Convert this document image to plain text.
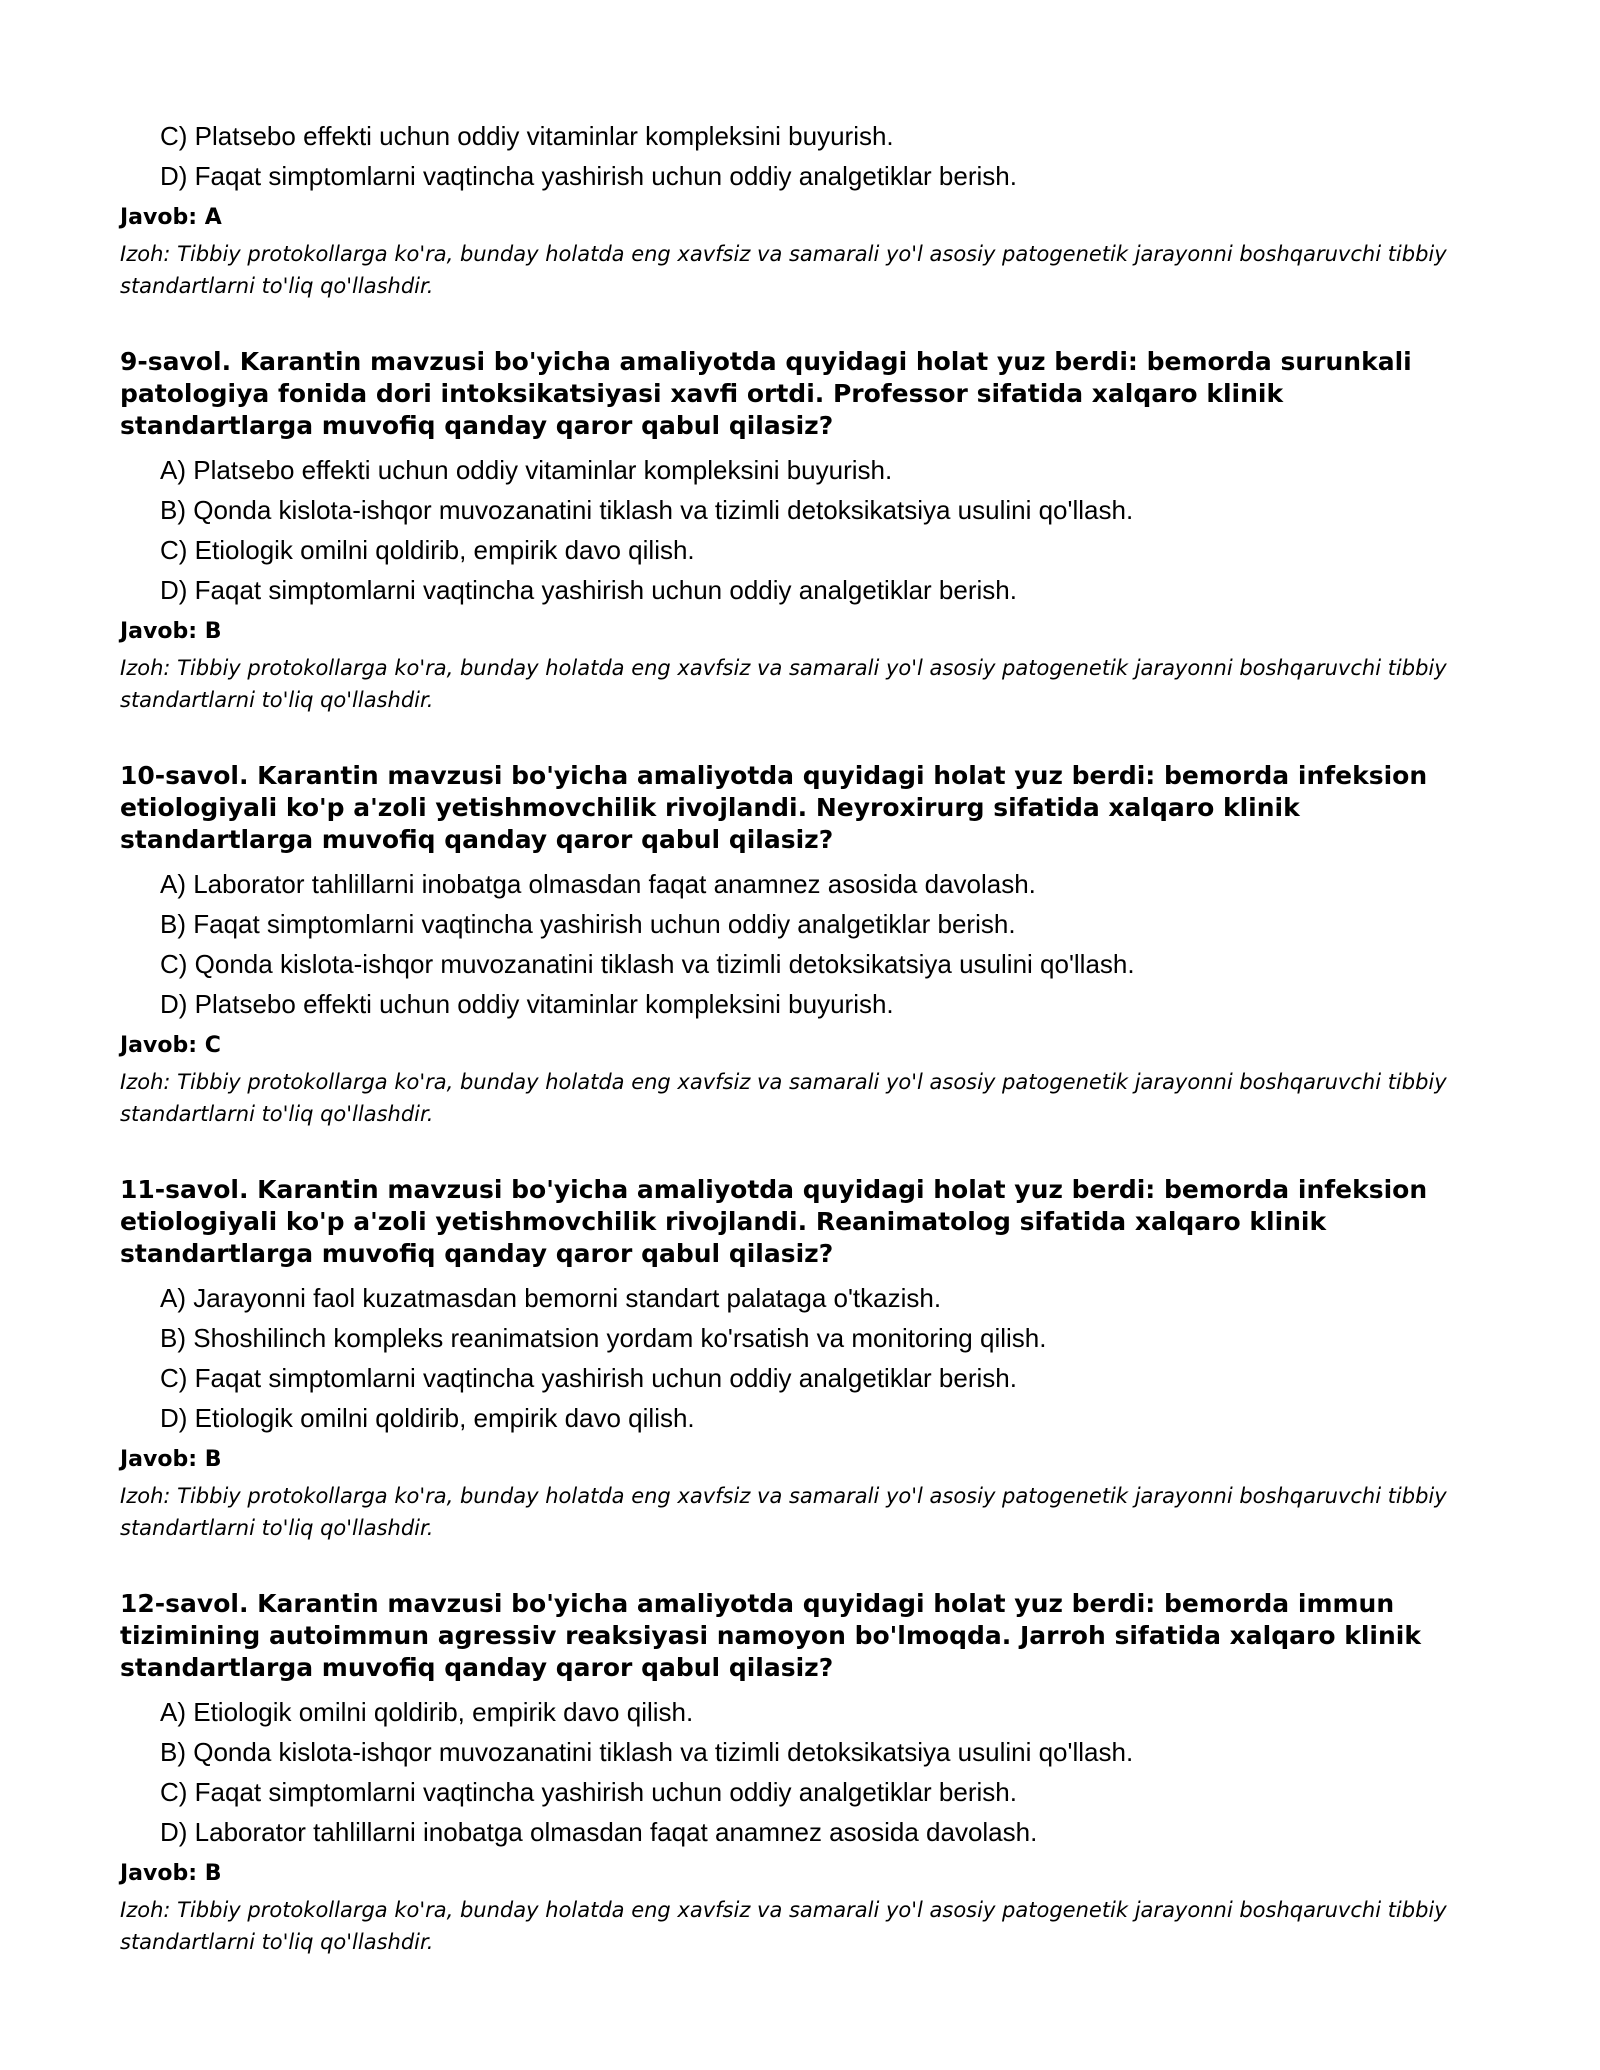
C) Platsebo effekti uchun oddiy vitaminlar kompleksini buyurish.
D) Faqat simptomlarni vaqtincha yashirish uchun oddiy analgetiklar berish.
Javob: A
Izoh: Tibbiy protokollarga ko'ra, bunday holatda eng xavfsiz va samarali yo'l asosiy patogenetik jarayonni boshqaruvchi tibbiy standartlarni to'liq qo'llashdir.
9-savol. Karantin mavzusi bo'yicha amaliyotda quyidagi holat yuz berdi: bemorda surunkali patologiya fonida dori intoksikatsiyasi xavfi ortdi. Professor sifatida xalqaro klinik standartlarga muvofiq qanday qaror qabul qilasiz?
A) Platsebo effekti uchun oddiy vitaminlar kompleksini buyurish.
B) Qonda kislota-ishqor muvozanatini tiklash va tizimli detoksikatsiya usulini qo'llash.
C) Etiologik omilni qoldirib, empirik davo qilish.
D) Faqat simptomlarni vaqtincha yashirish uchun oddiy analgetiklar berish.
Javob: B
Izoh: Tibbiy protokollarga ko'ra, bunday holatda eng xavfsiz va samarali yo'l asosiy patogenetik jarayonni boshqaruvchi tibbiy standartlarni to'liq qo'llashdir.
10-savol. Karantin mavzusi bo'yicha amaliyotda quyidagi holat yuz berdi: bemorda infeksion etiologiyali ko'p a'zoli yetishmovchilik rivojlandi. Neyroxirurg sifatida xalqaro klinik standartlarga muvofiq qanday qaror qabul qilasiz?
A) Laborator tahlillarni inobatga olmasdan faqat anamnez asosida davolash.
B) Faqat simptomlarni vaqtincha yashirish uchun oddiy analgetiklar berish.
C) Qonda kislota-ishqor muvozanatini tiklash va tizimli detoksikatsiya usulini qo'llash.
D) Platsebo effekti uchun oddiy vitaminlar kompleksini buyurish.
Javob: C
Izoh: Tibbiy protokollarga ko'ra, bunday holatda eng xavfsiz va samarali yo'l asosiy patogenetik jarayonni boshqaruvchi tibbiy standartlarni to'liq qo'llashdir.
11-savol. Karantin mavzusi bo'yicha amaliyotda quyidagi holat yuz berdi: bemorda infeksion etiologiyali ko'p a'zoli yetishmovchilik rivojlandi. Reanimatolog sifatida xalqaro klinik standartlarga muvofiq qanday qaror qabul qilasiz?
A) Jarayonni faol kuzatmasdan bemorni standart palataga o'tkazish.
B) Shoshilinch kompleks reanimatsion yordam ko'rsatish va monitoring qilish.
C) Faqat simptomlarni vaqtincha yashirish uchun oddiy analgetiklar berish.
D) Etiologik omilni qoldirib, empirik davo qilish.
Javob: B
Izoh: Tibbiy protokollarga ko'ra, bunday holatda eng xavfsiz va samarali yo'l asosiy patogenetik jarayonni boshqaruvchi tibbiy standartlarni to'liq qo'llashdir.
12-savol. Karantin mavzusi bo'yicha amaliyotda quyidagi holat yuz berdi: bemorda immun tizimining autoimmun agressiv reaksiyasi namoyon bo'lmoqda. Jarroh sifatida xalqaro klinik standartlarga muvofiq qanday qaror qabul qilasiz?
A) Etiologik omilni qoldirib, empirik davo qilish.
B) Qonda kislota-ishqor muvozanatini tiklash va tizimli detoksikatsiya usulini qo'llash.
C) Faqat simptomlarni vaqtincha yashirish uchun oddiy analgetiklar berish.
D) Laborator tahlillarni inobatga olmasdan faqat anamnez asosida davolash.
Javob: B
Izoh: Tibbiy protokollarga ko'ra, bunday holatda eng xavfsiz va samarali yo'l asosiy patogenetik jarayonni boshqaruvchi tibbiy standartlarni to'liq qo'llashdir.
